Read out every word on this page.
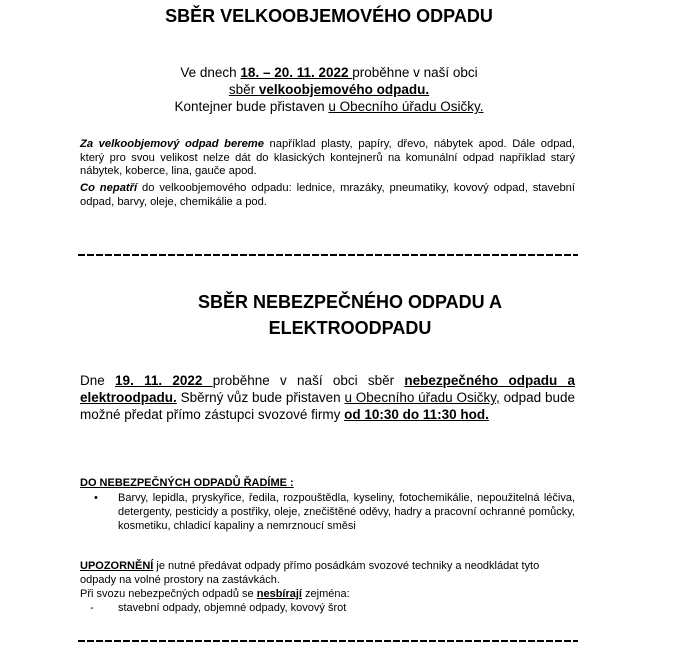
SBĚR VELKOOBJEMOVÉHO ODPADU
Ve dnech 18. – 20. 11. 2022 proběhne v naší obci
sběr velkoobjemového odpadu.
Kontejner bude přistaven u Obecního úřadu Osičky.
Za velkoobjemový odpad bereme například plasty, papíry, dřevo, nábytek apod. Dále odpad, který pro svou velikost nelze dát do klasických kontejnerů na komunální odpad například starý nábytek, koberce, lina, gauče apod.
Co nepatří do velkoobjemového odpadu: lednice, mrazáky, pneumatiky, kovový odpad, stavební odpad, barvy, oleje, chemikálie a pod.
SBĚR NEBEZPEČNÉHO ODPADU A
ELEKTROODPADU
Dne 19. 11. 2022 proběhne v naší obci sběr nebezpečného odpadu a elektroodpadu. Sběrný vůz bude přistaven u Obecního úřadu Osičky, odpad bude možné předat přímo zástupci svozové firmy od 10:30 do 11:30 hod.
DO NEBEZPEČNÝCH ODPADŮ ŘADÍME :
• Barvy, lepidla, pryskyřice, ředila, rozpouštědla, kyseliny, fotochemikálie, nepoužitelná léčiva, detergenty, pesticidy a postřiky, oleje, znečištěné oděvy, hadry a pracovní ochranné pomůcky, kosmetiku, chladicí kapaliny a nemrznoucí směsi
UPOZORNĚNÍ je nutné předávat odpady přímo posádkám svozové techniky a neodkládat tyto odpady na volné prostory na zastávkách.
Při svozu nebezpečných odpadů se nesbírají zejména:
- stavební odpady, objemné odpady, kovový šrot
